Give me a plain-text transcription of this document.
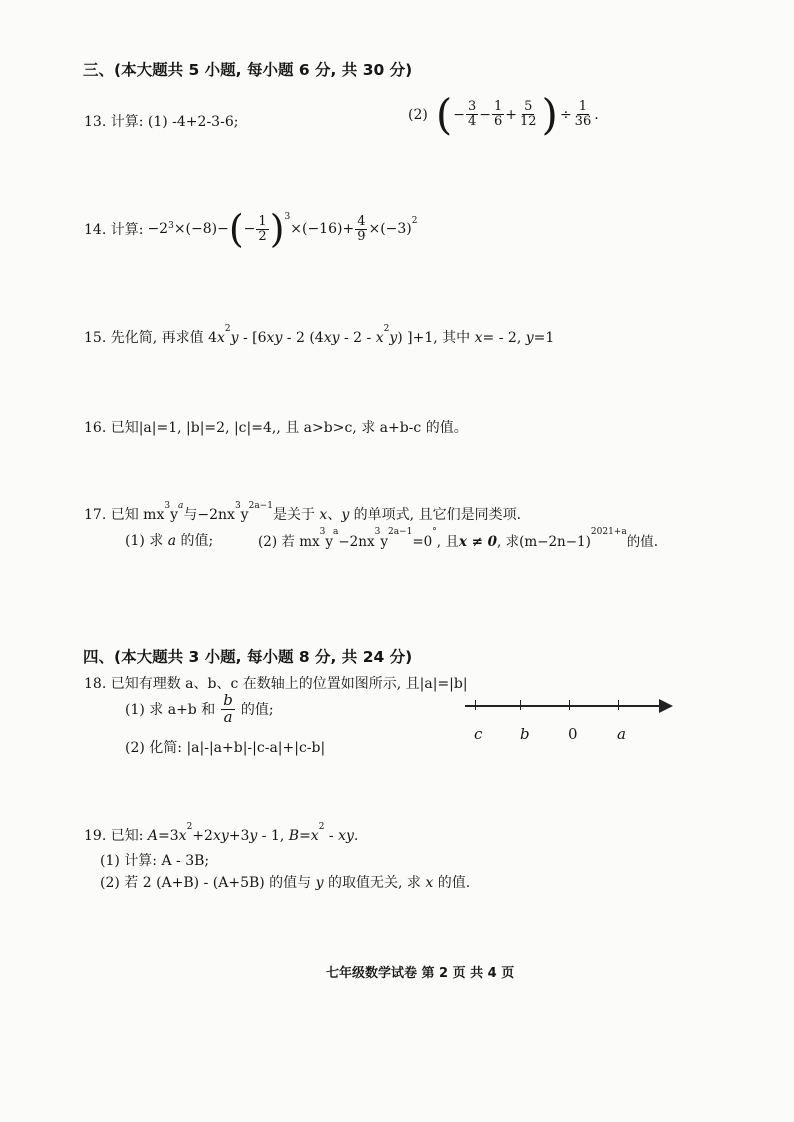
三、(本大题共 5 小题, 每小题 6 分, 共 30 分)
13. 计算: (1) -4+2-3-6;	(2) ( − $\frac{3}{4} - \frac{1}{6} + \frac{5}{12}$ ) ÷ $\frac{1}{36}$ .
14. 计算: $-2^3 \times(-8)-$ ( − $\frac{1}{2} )^3$
$\times(-16)+ \frac{4}{9} \times(-3)^2$
15. 先化简, 再求值 $4x^2y - [6xy - 2$ $(4xy - 2 - x^2y)$ ]+1, 其中 x= - 2, y=1
16. 已知|a|=1, |b|=2, |c|=4,, 且 a>b>c, 求 a+b-c 的值。
17. 已知 $mx^3y^a$与$-2nx^3y^{2a-1}$是关于 x、y 的单项式, 且它们是同类项.
(1) 求 a 的值;	(2) 若 $mx^3y^a-2nx^3y^{2a-1}=0^\circ$, 且x ≠ 0, 求$(m-2n-1)^{2021+a}$的值.
四、(本大题共 3 小题, 每小题 8 分, 共 24 分)
18. 已知有理数 a、b、c 在数轴上的位置如图所示, 且|a|=|b|
(1) 求 a+b 和 $\frac{b}{a}$ 的值;
(2) 化简: |a|-|a+b|-|c-a|+|c-b|
c	b	0	a
19. 已知: $A=3x^2+2xy+3y - 1$, $B=x^2$ - xy.
(1) 计算: A - 3B;
(2) 若 2 (A+B) - (A+5B) 的值与 y 的取值无关, 求 x 的值.
七年级数学试卷 第 2 页 共 4 页
